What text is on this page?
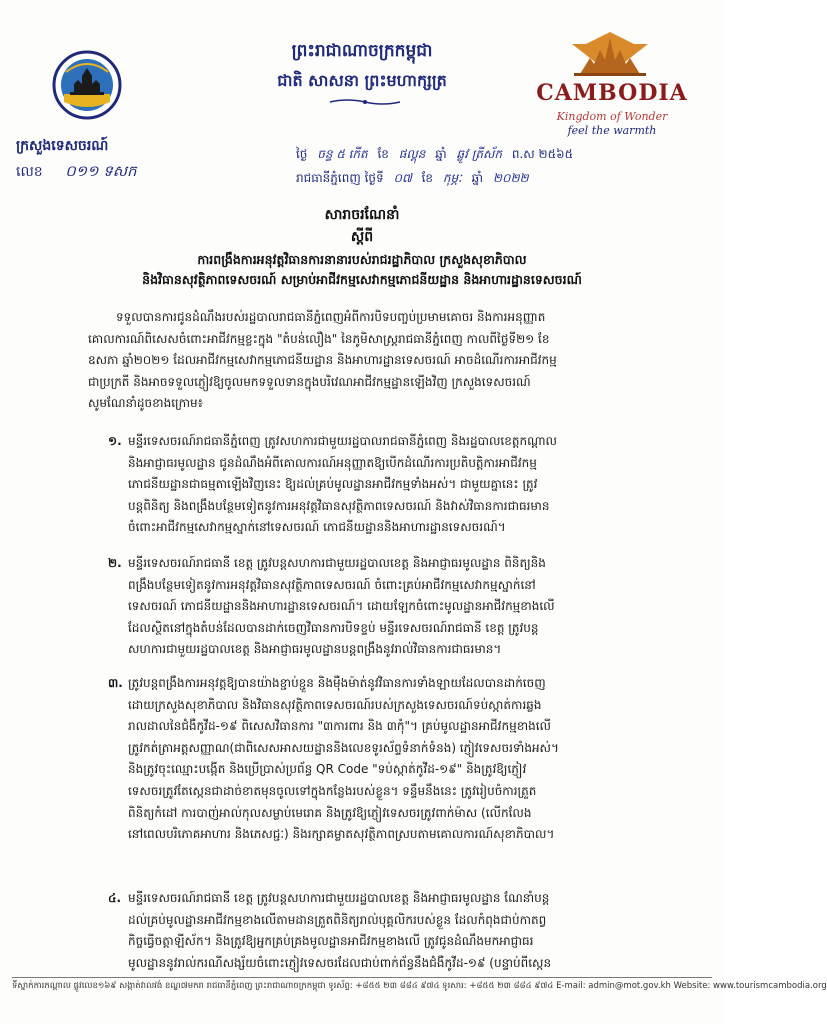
ក្រសួងទេសចរណ៍
លេខ ០១១ ទសក
ព្រះរាជាណាចក្រកម្ពុជា
ជាតិ សាសនា ព្រះមហាក្សត្រ	CAMBODIA
Kingdom of Wonder
feel the warmth
ថ្ងៃ ចន្ទ ៥ កើត ខែ ផល្គុន ឆ្នាំ ឆ្លូវ ត្រីស័ក ព.ស ២៥៦៥
រាជធានីភ្នំពេញ ថ្ងៃទី ០៧ ខែ កុម្ភៈ ឆ្នាំ ២០២២
សារាចរណែនាំ
ស្តីពី
ការពង្រឹងការអនុវត្តវិធានការនានារបស់រាជរដ្ឋាភិបាល ក្រសួងសុខាភិបាល
និងវិធានសុវត្ថិភាពទេសចរណ៍ សម្រាប់អាជីវកម្មសេវាកម្មភោជនីយដ្ឋាន និងអាហារដ្ឋានទេសចរណ៍
ទទួលបានការជូនដំណឹងរបស់រដ្ឋបាលរាជធានីភ្នំពេញអំពីការបិទបញ្ចប់ប្រមាមគោចរ និងការអនុញ្ញាត
គោលការណ៍ពិសេសចំពោះអាជីវកម្មខ្លះក្នុង "តំបន់លឿង" នៃភូមិសាស្ត្ររាជធានីភ្នំពេញ កាលពីថ្ងៃទី២១ ខែ
ឧសភា ឆ្នាំ២០២១ ដែលអាជីវកម្មសេវាកម្មភោជនីយដ្ឋាន និងអាហារដ្ឋានទេសចរណ៍ អាចដំណើរការអាជីវកម្ម
ជាប្រក្រតី និងអាចទទួលភ្ញៀវឱ្យចូលមកទទួលទានក្នុងបរិវេណអាជីវកម្មដ្ឋានឡើងវិញ ក្រសួងទេសចរណ៍
សូមណែនាំដូចខាងក្រោម៖
១. មន្ទីរទេសចរណ៍រាជធានីភ្នំពេញ ត្រូវសហការជាមួយរដ្ឋបាលរាជធានីភ្នំពេញ និងរដ្ឋបាលខេត្តកណ្តាល
និងអាជ្ញាធរមូលដ្ឋាន ជូនដំណឹងអំពីគោលការណ៍អនុញ្ញាតឱ្យបើកដំណើរការប្រតិបត្តិការអាជីវកម្ម
ភោជនីយដ្ឋានជាធម្មតាឡើងវិញនេះ ឱ្យដល់គ្រប់មូលដ្ឋានអាជីវកម្មទាំងអស់។ ជាមួយគ្នានេះ ត្រូវ
បន្តពិនិត្យ និងពង្រឹងបន្ថែមទៀតនូវការអនុវត្តវិធានសុវត្ថិភាពទេសចរណ៍ និងវាស់វិធានការជាធរមាន
ចំពោះអាជីវកម្មសេវាកម្មស្នាក់នៅទេសចរណ៍ ភោជនីយដ្ឋាននិងអាហារដ្ឋានទេសចរណ៍។
២. មន្ទីរទេសចរណ៍រាជធានី ខេត្ត ត្រូវបន្តសហការជាមួយរដ្ឋបាលខេត្ត និងអាជ្ញាធរមូលដ្ឋាន ពិនិត្យនិង
ពង្រឹងបន្ថែមទៀតនូវការអនុវត្តវិធានសុវត្ថិភាពទេសចរណ៍ ចំពោះគ្រប់អាជីវកម្មសេវាកម្មស្នាក់នៅ
ទេសចរណ៍ ភោជនីយដ្ឋាននិងអាហារដ្ឋានទេសចរណ៍។ ដោយឡែកចំពោះមូលដ្ឋានអាជីវកម្មខាងលើ
ដែលស្ថិតនៅក្នុងតំបន់ដែលបានដាក់ចេញវិធានការបិទខ្ទប់ មន្ទីរទេសចរណ៍រាជធានី ខេត្ត ត្រូវបន្ត
សហការជាមួយរដ្ឋបាលខេត្ត និងអាជ្ញាធរមូលដ្ឋានបន្តពង្រឹងនូវរាល់វិធានការជាធរមាន។
៣. ត្រូវបន្តពង្រឹងការអនុវត្តឱ្យបានយ៉ាងខ្ជាប់ខ្ជួន និងម៉ឺងម៉ាត់នូវវិធានការទាំងឡាយដែលបានដាក់ចេញ
ដោយក្រសួងសុខាភិបាល និងវិធានសុវត្ថិភាពទេសចរណ៍របស់ក្រសួងទេសចរណ៍ទប់ស្កាត់ការឆ្លង
រាលដាលនៃជំងឺកូវីដ-១៩ ពិសេសវិធានការ "៣ការពារ និង ៣កុំ"។ គ្រប់មូលដ្ឋានអាជីវកម្មខាងលើ
ត្រូវកត់ត្រាអត្តសញ្ញាណ(ជាពិសេសអាសយដ្ឋាននិងលេខទូរស័ព្ទទំនាក់ទំនង) ភ្ញៀវទេសចរទាំងអស់។
និងត្រូវចុះឈ្មោះបង្កើត និងប្រើប្រាស់ប្រព័ន្ធ QR Code "ទប់ស្កាត់កូវីដ-១៩" និងត្រូវឱ្យភ្ញៀវ
ទេសចរត្រូវតែស្កេនជាដាច់ខាតមុនចូលទៅក្នុងកន្លែងរបស់ខ្លួន។ ទន្ទឹមនឹងនេះ ត្រូវរៀបចំការត្រួត
ពិនិត្យកំដៅ ការបាញ់អាល់កុលសម្លាប់មេរោគ និងត្រូវឱ្យភ្ញៀវទេសចរត្រូវពាក់ម៉ាស (លើកលែង
នៅពេលបរិភោគអាហារ និងភេសជ្ជៈ) និងរក្សាគម្លាតសុវត្ថិភាពស្របតាមគោលការណ៍សុខាភិបាល។
៤. មន្ទីរទេសចរណ៍រាជធានី ខេត្ត ត្រូវបន្តសហការជាមួយរដ្ឋបាលខេត្ត និងអាជ្ញាធរមូលដ្ឋាន ណែនាំបន្ត
ដល់គ្រប់មូលដ្ឋានអាជីវកម្មខាងលើតាមដានត្រួតពិនិត្យរាល់បុគ្គលិករបស់ខ្លួន ដែលកំពុងជាប់កាតព្វ
កិច្ចធ្វើចត្តាឡីស័ក។ និងត្រូវឱ្យអ្នកគ្រប់គ្រងមូលដ្ឋានអាជីវកម្មខាងលើ ត្រូវជូនដំណឹងមកអាជ្ញាធរ
មូលដ្ឋាននូវរាល់ករណីសង្ស័យចំពោះភ្ញៀវទេសចរដែលជាប់ពាក់ព័ន្ធនឹងជំងឺកូវីដ-១៩ (បន្ទាប់ពីស្កេន
ទីស្នាក់ការកណ្តាល ផ្លូវលេខ១៦៩ សង្កាត់វាលវង់ ខណ្ឌ៧មករា រាជធានីភ្នំពេញ ព្រះរាជាណាចក្រកម្ពុជា ទូរស័ព្ទ: +៨៥៥ ២៣ ៨៨៤ ៩៧៤ ទូរសារ: +៨៥៥ ២៣ ៨៨៤ ៩៧៤ E-mail: admin@mot.gov.kh Website: www.tourismcambodia.org
